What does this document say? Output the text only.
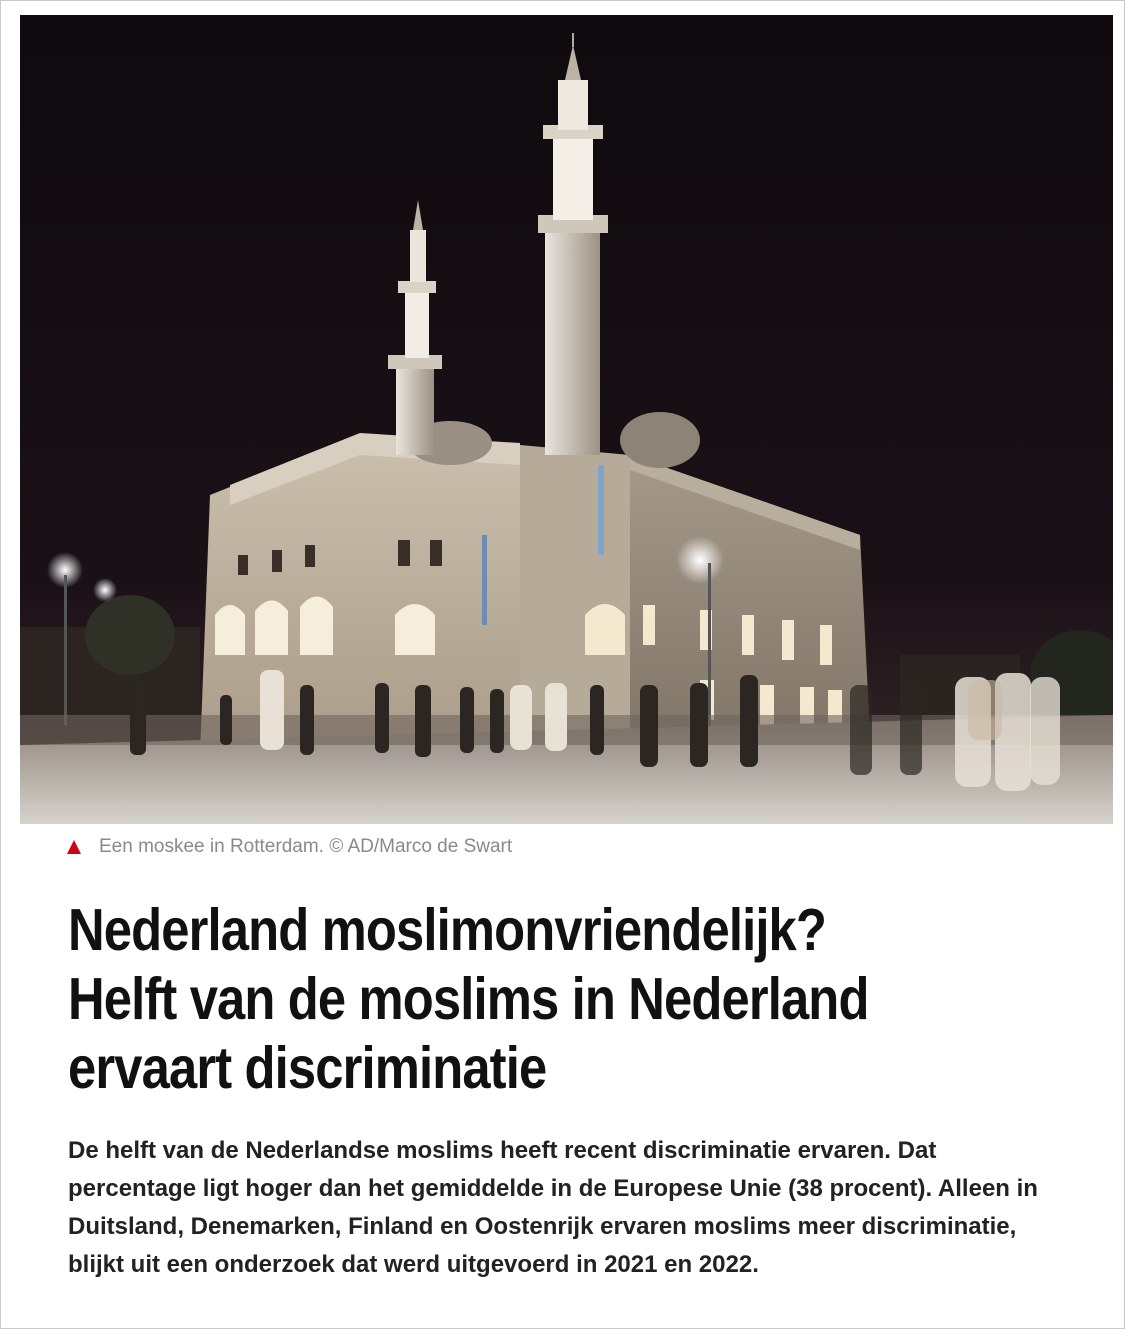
Een moskee in Rotterdam. © AD/Marco de Swart
Nederland moslimonvriendelijk? Helft van de moslims in Nederland ervaart discriminatie

De helft van de Nederlandse moslims heeft recent discriminatie ervaren. Dat percentage ligt hoger dan het gemiddelde in de Europese Unie (38 procent). Alleen in Duitsland, Denemarken, Finland en Oostenrijk ervaren moslims meer discriminatie, blijkt uit een onderzoek dat werd uitgevoerd in 2021 en 2022.
